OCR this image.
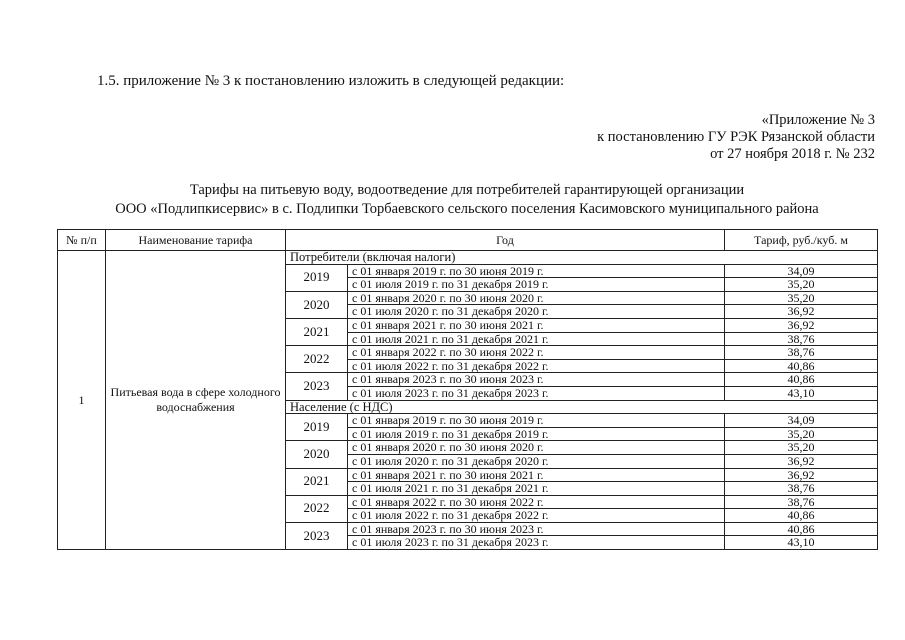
1.5. приложение № 3 к постановлению изложить в следующей редакции:
«Приложение № 3
к постановлению ГУ РЭК Рязанской области
от 27 ноября 2018 г. № 232
Тарифы на питьевую воду, водоотведение для потребителей гарантирующей организации
ООО «Подлипкисервис» в с. Подлипки Торбаевского сельского поселения Касимовского муниципального района
№ п/п	Наименование тарифа	Год		Тариф, руб./куб. м
1	Питьевая вода в сфере холодного водоснабжения	Потребители (включая налоги)		
		2019	с 01 января 2019 г. по 30 июня 2019 г.	34,09
			с 01 июля 2019 г. по 31 декабря 2019 г.	35,20
		2020	с 01 января 2020 г. по 30 июня 2020 г.	35,20
			с 01 июля 2020 г. по 31 декабря 2020 г.	36,92
		2021	с 01 января 2021 г. по 30 июня 2021 г.	36,92
			с 01 июля 2021 г. по 31 декабря 2021 г.	38,76
		2022	с 01 января 2022 г. по 30 июня 2022 г.	38,76
			с 01 июля 2022 г. по 31 декабря 2022 г.	40,86
		2023	с 01 января 2023 г. по 30 июня 2023 г.	40,86
			с 01 июля 2023 г. по 31 декабря 2023 г.	43,10
		Население (с НДС)		
		2019	с 01 января 2019 г. по 30 июня 2019 г.	34,09
			с 01 июля 2019 г. по 31 декабря 2019 г.	35,20
		2020	с 01 января 2020 г. по 30 июня 2020 г.	35,20
			с 01 июля 2020 г. по 31 декабря 2020 г.	36,92
		2021	с 01 января 2021 г. по 30 июня 2021 г.	36,92
			с 01 июля 2021 г. по 31 декабря 2021 г.	38,76
		2022	с 01 января 2022 г. по 30 июня 2022 г.	38,76
			с 01 июля 2022 г. по 31 декабря 2022 г.	40,86
		2023	с 01 января 2023 г. по 30 июня 2023 г.	40,86
			с 01 июля 2023 г. по 31 декабря 2023 г.	43,10
